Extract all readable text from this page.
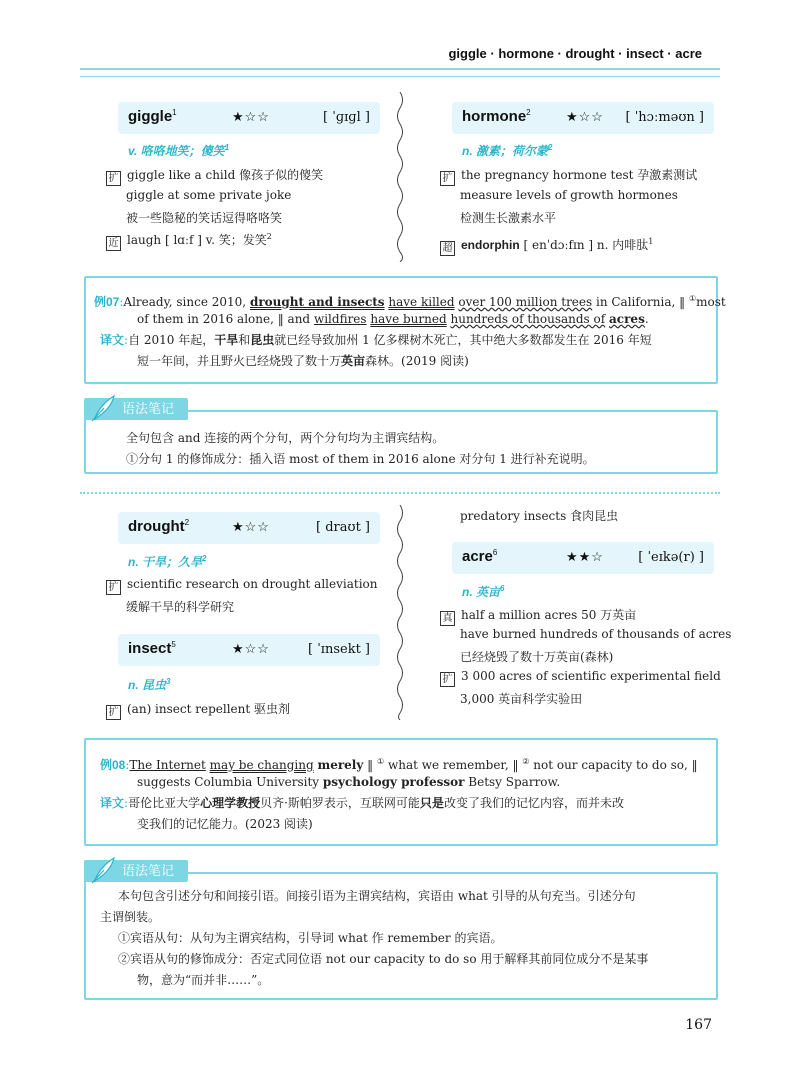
giggle · hormone · drought · insect · acre
giggle$^1$	★☆☆	[ ˈɡɪɡl ]
v. 咯咯地笑；傻笑$^1$
扩 giggle like a child 像孩子似的傻笑
giggle at some private joke
被一些隐秘的笑话逗得咯咯笑
近 laugh [ lɑːf ] v. 笑；发笑$^2$
hormone$^2$	★☆☆ [ ˈhɔːməʊn ]
n. 激素；荷尔蒙$^2$
扩 the pregnancy hormone test 孕激素测试
measure levels of growth hormones
检测生长激素水平
超 endorphin [ enˈdɔːfɪn ] n. 内啡肽$^1$
例07:Already, since 2010, drought and insects have killed over 100 million trees in California, ‖ ①most
of them in 2016 alone, ‖ and wildfires have burned hundreds of thousands of acres.
译文:自 2010 年起，干旱和昆虫就已经导致加州 1 亿多棵树木死亡，其中绝大多数都发生在 2016 年短
短一年间，并且野火已经烧毁了数十万英亩森林。(2019 阅读)
语法笔记
全句包含 and 连接的两个分句，两个分句均为主谓宾结构。
①分句 1 的修饰成分：插入语 most of them in 2016 alone 对分句 1 进行补充说明。
drought$^2$	★☆☆	[ draʊt ]
n. 干旱；久旱$^2$
扩 scientific research on drought alleviation
缓解干旱的科学研究
insect$^5$	★☆☆	[ ˈɪnsekt ]
n. 昆虫$^3$
扩 (an) insect repellent 驱虫剂
predatory insects 食肉昆虫
acre$^6$	★★☆	[ ˈeɪkə(r) ]
n. 英亩$^6$
真 half a million acres 50 万英亩
have burned hundreds of thousands of acres
已经烧毁了数十万英亩(森林)
扩 3 000 acres of scientific experimental field
3,000 英亩科学实验田
例08:The Internet may be changing merely ‖ ① what we remember, ‖ ② not our capacity to do so, ‖
suggests Columbia University psychology professor Betsy Sparrow.
译文:哥伦比亚大学心理学教授贝齐·斯帕罗表示，互联网可能只是改变了我们的记忆内容，而并未改
变我们的记忆能力。(2023 阅读)
语法笔记
本句包含引述分句和间接引语。间接引语为主谓宾结构，宾语由 what 引导的从句充当。引述分句
主谓倒装。
①宾语从句：从句为主谓宾结构，引导词 what 作 remember 的宾语。
②宾语从句的修饰成分：否定式同位语 not our capacity to do so 用于解释其前同位成分不是某事
物，意为“而并非……”。
167
